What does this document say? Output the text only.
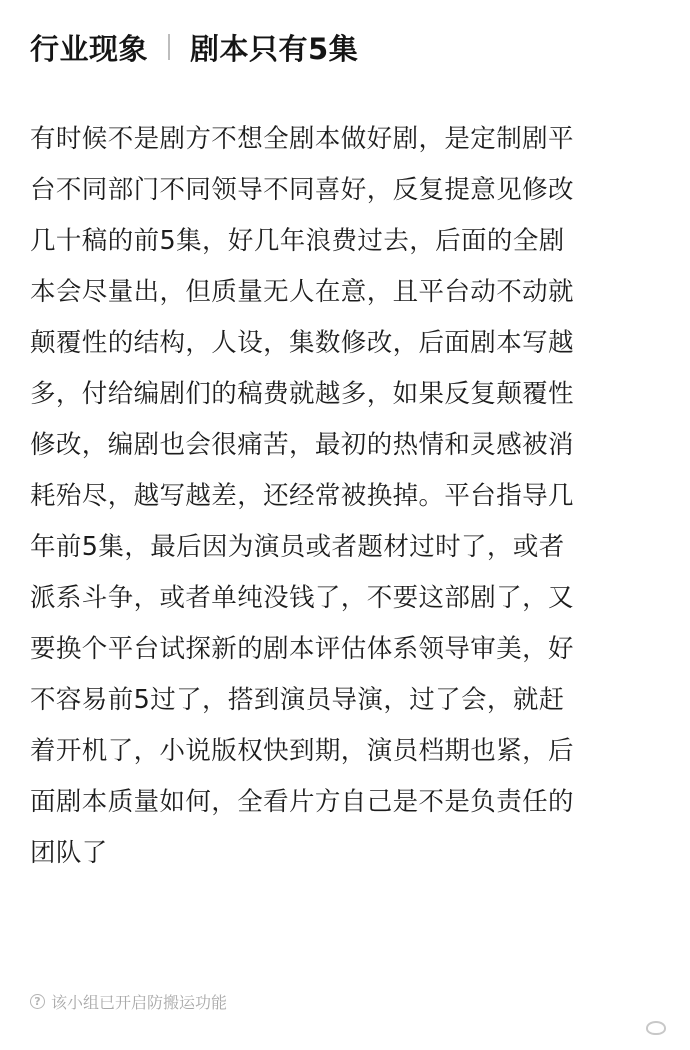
行业现象 剧本只有5集
有时候不是剧方不想全剧本做好剧，是定制剧平
台不同部门不同领导不同喜好，反复提意见修改
几十稿的前5集，好几年浪费过去，后面的全剧
本会尽量出，但质量无人在意，且平台动不动就
颠覆性的结构，人设，集数修改，后面剧本写越
多，付给编剧们的稿费就越多，如果反复颠覆性
修改，编剧也会很痛苦，最初的热情和灵感被消
耗殆尽，越写越差，还经常被换掉。平台指导几
年前5集，最后因为演员或者题材过时了，或者
派系斗争，或者单纯没钱了，不要这部剧了，又
要换个平台试探新的剧本评估体系领导审美，好
不容易前5过了，搭到演员导演，过了会，就赶
着开机了，小说版权快到期，演员档期也紧，后
面剧本质量如何，全看片方自己是不是负责任的
团队了
? 该小组已开启防搬运功能
